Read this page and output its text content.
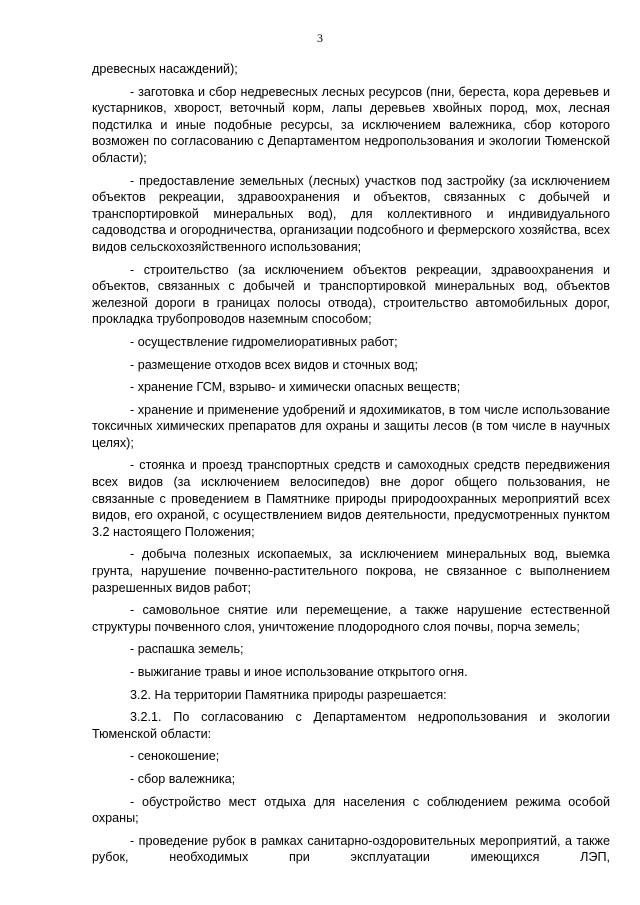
3

древесных насаждений);

- заготовка и сбор недревесных лесных ресурсов (пни, береста, кора деревьев и кустарников, хворост, веточный корм, лапы деревьев хвойных пород, мох, лесная подстилка и иные подобные ресурсы, за исключением валежника, сбор которого возможен по согласованию с Департаментом недропользования и экологии Тюменской области);

- предоставление земельных (лесных) участков под застройку (за исключением объектов рекреации, здравоохранения и объектов, связанных с добычей и транспортировкой минеральных вод), для коллективного и индивидуального садоводства и огородничества, организации подсобного и фермерского хозяйства, всех видов сельскохозяйственного использования;

- строительство (за исключением объектов рекреации, здравоохранения и объектов, связанных с добычей и транспортировкой минеральных вод, объектов железной дороги в границах полосы отвода), строительство автомобильных дорог, прокладка трубопроводов наземным способом;

- осуществление гидромелиоративных работ;

- размещение отходов всех видов и сточных вод;

- хранение ГСМ, взрыво- и химически опасных веществ;

- хранение и применение удобрений и ядохимикатов, в том числе использование токсичных химических препаратов для охраны и защиты лесов (в том числе в научных целях);

- стоянка и проезд транспортных средств и самоходных средств передвижения всех видов (за исключением велосипедов) вне дорог общего пользования, не связанные с проведением в Памятнике природы природоохранных мероприятий всех видов, его охраной, с осуществлением видов деятельности, предусмотренных пунктом 3.2 настоящего Положения;

- добыча полезных ископаемых, за исключением минеральных вод, выемка грунта, нарушение почвенно-растительного покрова, не связанное с выполнением разрешенных видов работ;

- самовольное снятие или перемещение, а также нарушение естественной структуры почвенного слоя, уничтожение плодородного слоя почвы, порча земель;

- распашка земель;

- выжигание травы и иное использование открытого огня.

3.2. На территории Памятника природы разрешается:

3.2.1. По согласованию с Департаментом недропользования и экологии Тюменской области:

- сенокошение;

- сбор валежника;

- обустройство мест отдыха для населения с соблюдением режима особой охраны;

- проведение рубок в рамках санитарно-оздоровительных мероприятий, а также рубок, необходимых при эксплуатации имеющихся ЛЭП,
